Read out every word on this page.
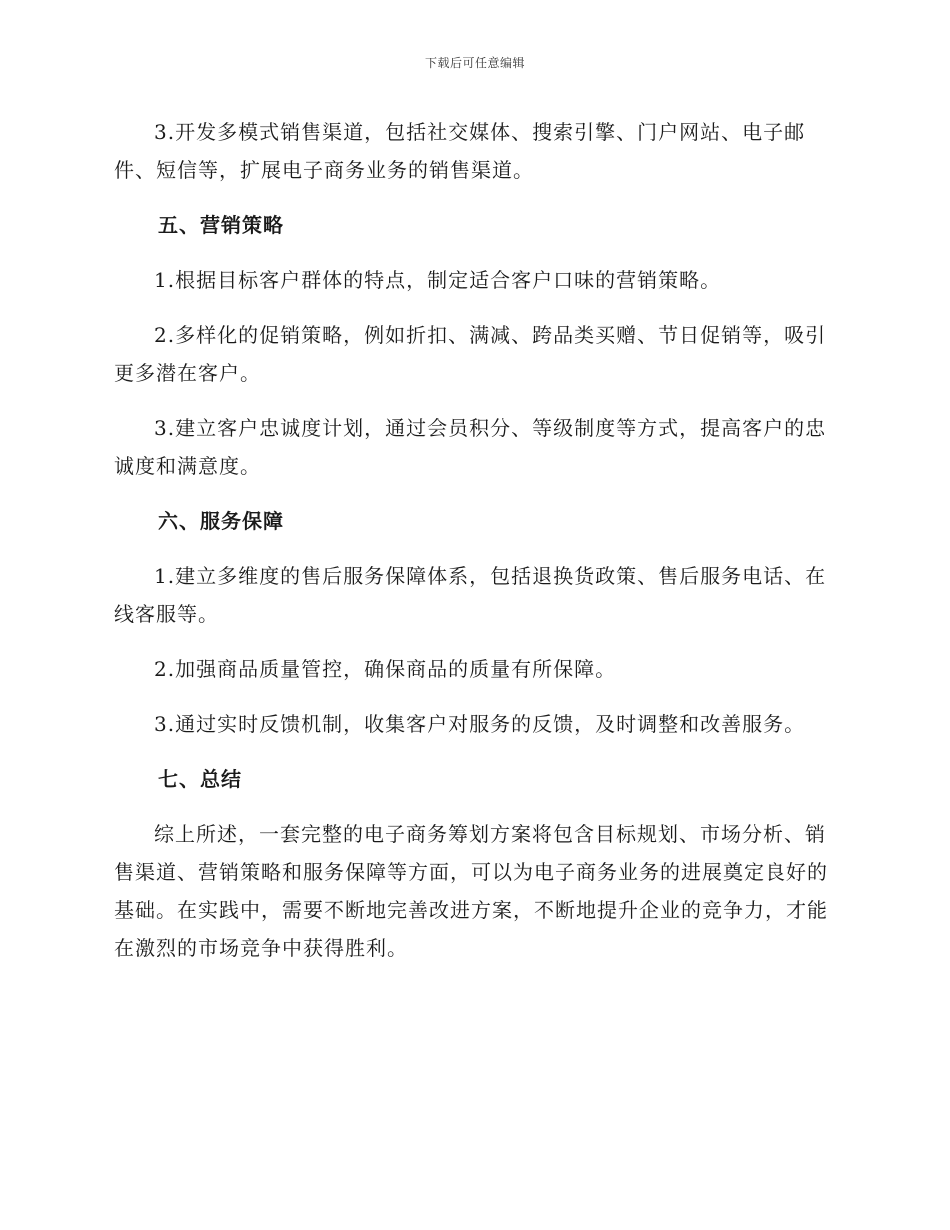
下载后可任意编辑

3.开发多模式销售渠道，包括社交媒体、搜索引擎、门户网站、电子邮件、短信等，扩展电子商务业务的销售渠道。

五、营销策略

1.根据目标客户群体的特点，制定适合客户口味的营销策略。

2.多样化的促销策略，例如折扣、满减、跨品类买赠、节日促销等，吸引更多潜在客户。

3.建立客户忠诚度计划，通过会员积分、等级制度等方式，提高客户的忠诚度和满意度。

六、服务保障

1.建立多维度的售后服务保障体系，包括退换货政策、售后服务电话、在线客服等。

2.加强商品质量管控，确保商品的质量有所保障。

3.通过实时反馈机制，收集客户对服务的反馈，及时调整和改善服务。

七、总结

综上所述，一套完整的电子商务筹划方案将包含目标规划、市场分析、销售渠道、营销策略和服务保障等方面，可以为电子商务业务的进展奠定良好的基础。在实践中，需要不断地完善改进方案，不断地提升企业的竞争力，才能在激烈的市场竞争中获得胜利。
